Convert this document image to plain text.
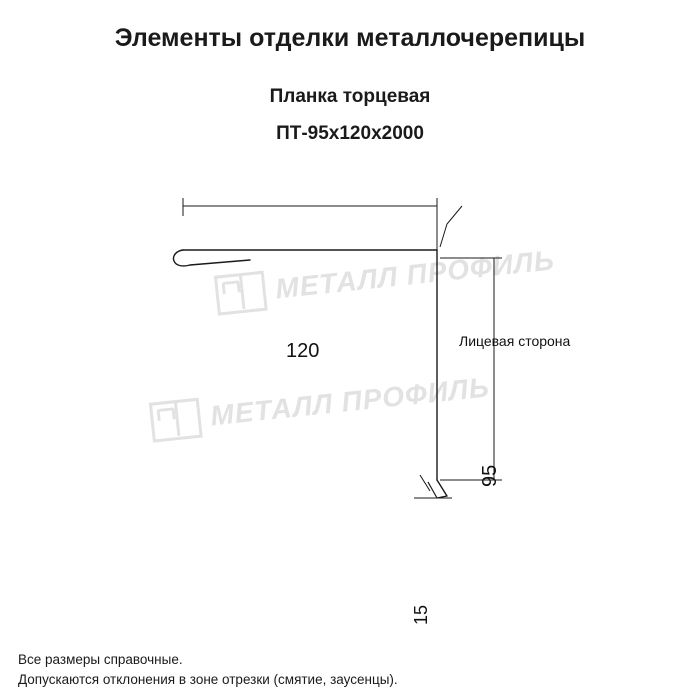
Элементы отделки металлочерепицы
Планка торцевая
ПТ-95x120х2000
МЕТАЛЛ ПРОФИЛЬ
МЕТАЛЛ ПРОФИЛЬ
120
95
15
Лицевая сторона
Все размеры справочные.
Допускаются отклонения в зоне отрезки (смятие, заусенцы).
